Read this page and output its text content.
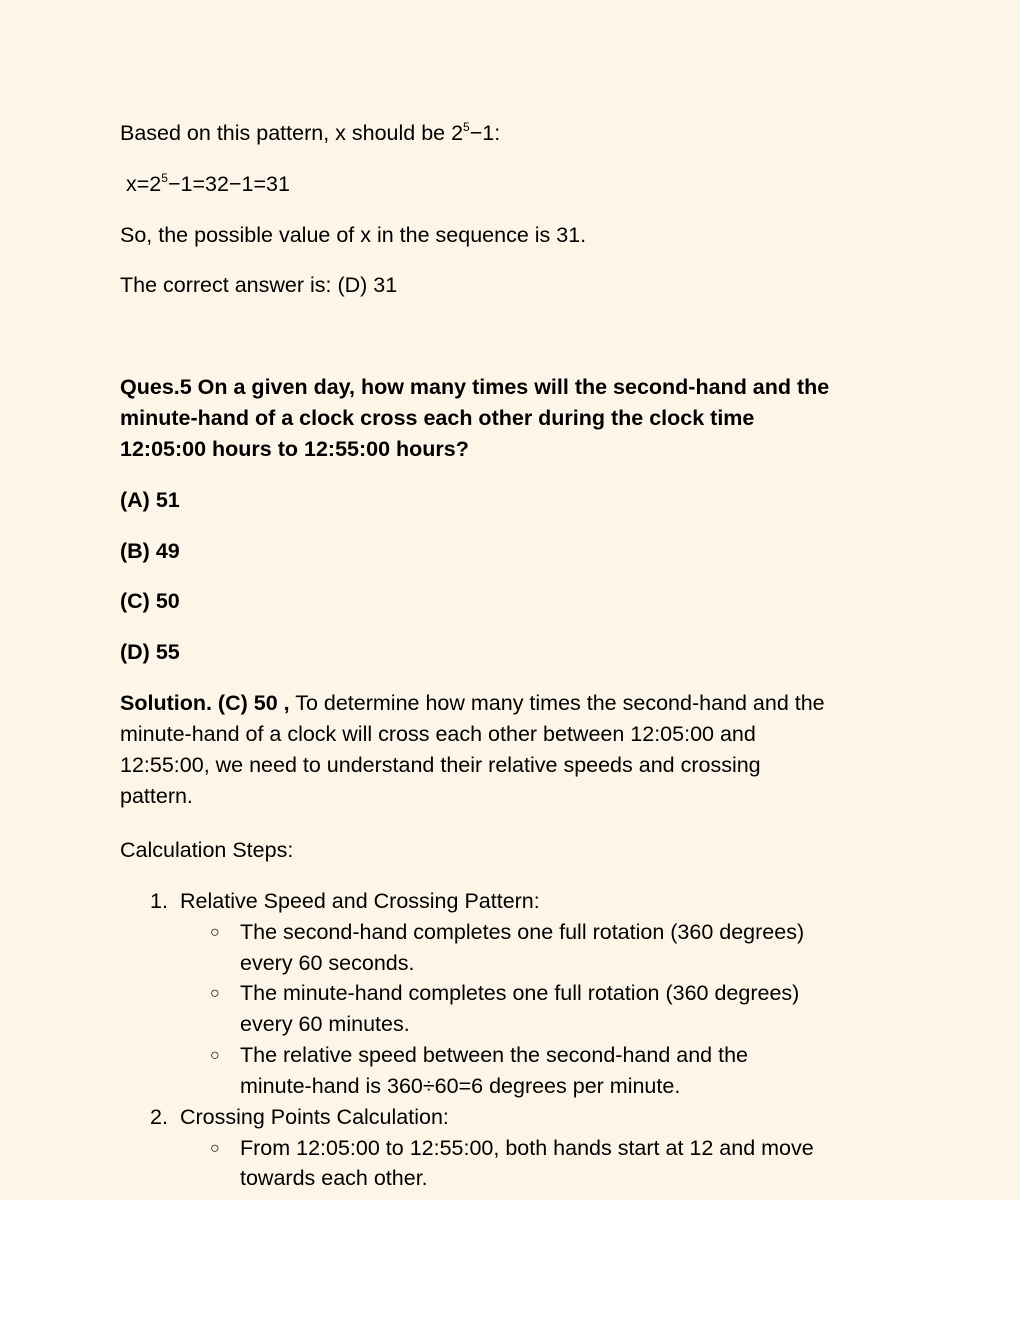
Based on this pattern, x should be $2^5-1$:

$x=2^5-1=32-1=31$

So, the possible value of x in the sequence is 31.

The correct answer is: (D) 31

Ques.5 On a given day, how many times will the second-hand and the

minute-hand of a clock cross each other during the clock time

12:05:00 hours to 12:55:00 hours?

(A) 51

(B) 49

(C) 50

(D) 55

Solution. (C) 50 , To determine how many times the second-hand and the

minute-hand of a clock will cross each other between 12:05:00 and

12:55:00, we need to understand their relative speeds and crossing

pattern.

Calculation Steps:

1. Relative Speed and Crossing Pattern:
○ The second-hand completes one full rotation (360 degrees)
every 60 seconds.
○ The minute-hand completes one full rotation (360 degrees)
every 60 minutes.
○ The relative speed between the second-hand and the
minute-hand is 360÷60=6 degrees per minute.
2. Crossing Points Calculation:
○ From 12:05:00 to 12:55:00, both hands start at 12 and move
towards each other.
